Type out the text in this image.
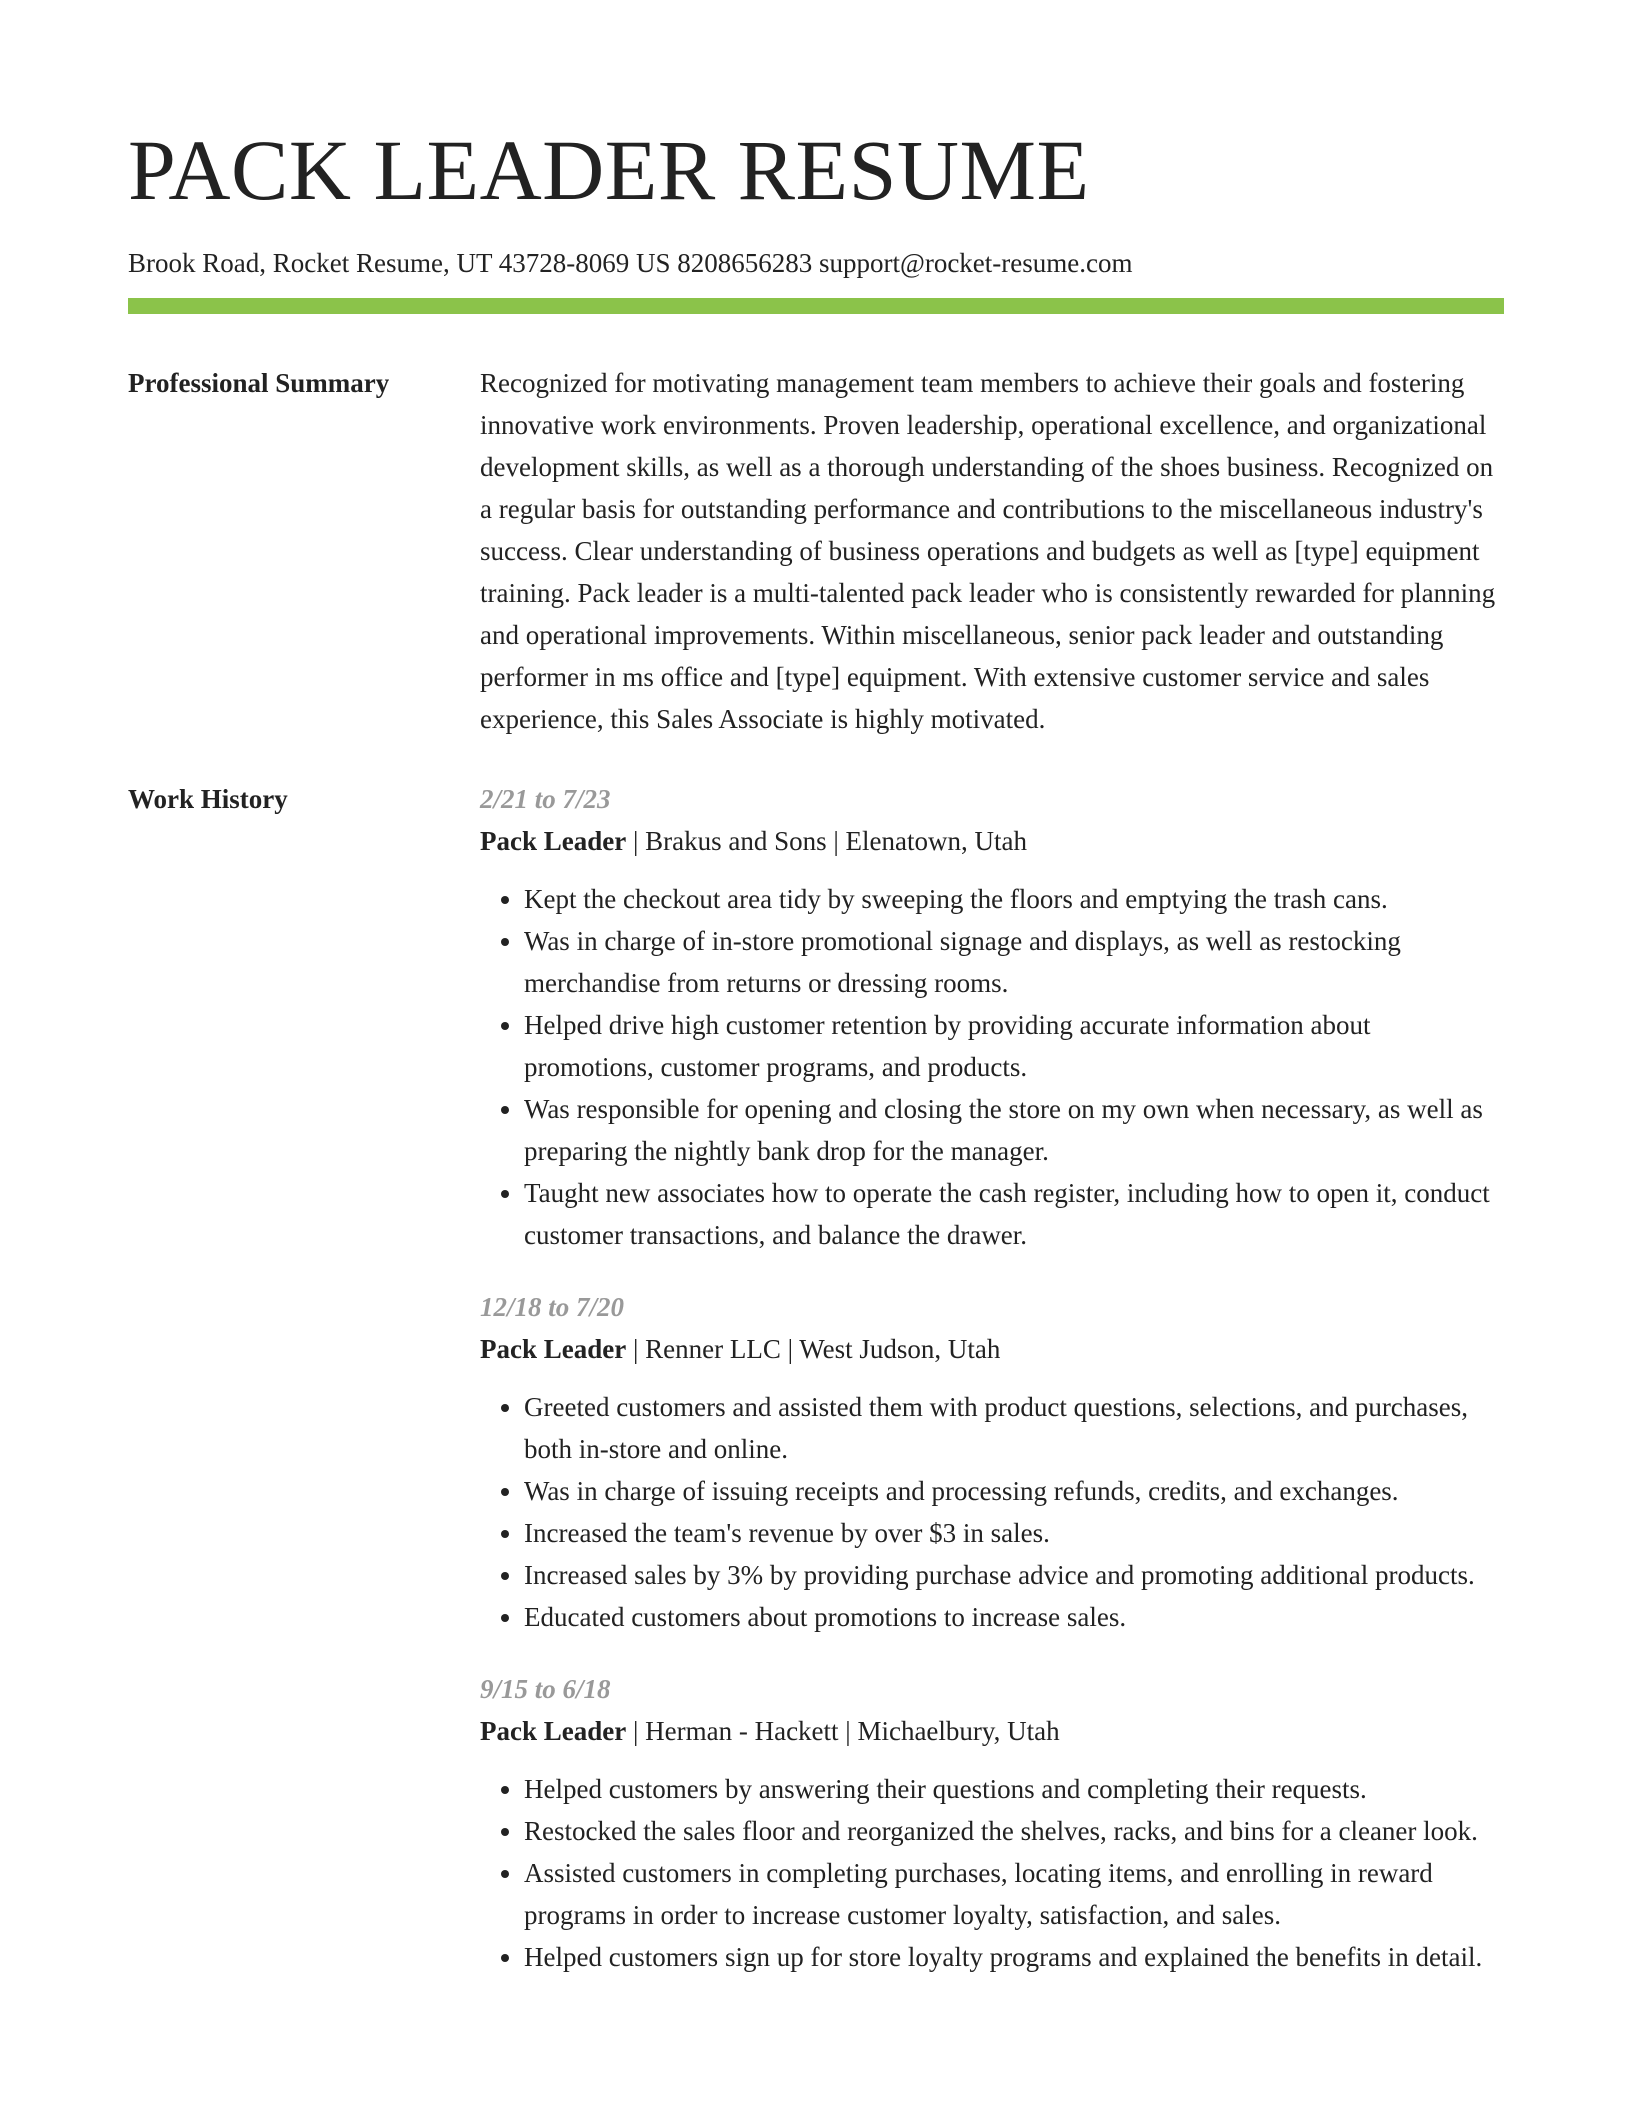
PACK LEADER RESUME
Brook Road, Rocket Resume, UT 43728-8069 US 8208656283 support@rocket-resume.com
Professional Summary	Recognized for motivating management team members to achieve their goals and fostering innovative work environments. Proven leadership, operational excellence, and organizational development skills, as well as a thorough understanding of the shoes business. Recognized on a regular basis for outstanding performance and contributions to the miscellaneous industry's success. Clear understanding of business operations and budgets as well as [type] equipment training. Pack leader is a multi-talented pack leader who is consistently rewarded for planning and operational improvements. Within miscellaneous, senior pack leader and outstanding performer in ms office and [type] equipment. With extensive customer service and sales experience, this Sales Associate is highly motivated.

Work History	2/21 to 7/23
Pack Leader | Brakus and Sons | Elenatown, Utah
• Kept the checkout area tidy by sweeping the floors and emptying the trash cans.
• Was in charge of in-store promotional signage and displays, as well as restocking merchandise from returns or dressing rooms.
• Helped drive high customer retention by providing accurate information about promotions, customer programs, and products.
• Was responsible for opening and closing the store on my own when necessary, as well as preparing the nightly bank drop for the manager.
• Taught new associates how to operate the cash register, including how to open it, conduct customer transactions, and balance the drawer.
12/18 to 7/20
Pack Leader | Renner LLC | West Judson, Utah
• Greeted customers and assisted them with product questions, selections, and purchases, both in-store and online.
• Was in charge of issuing receipts and processing refunds, credits, and exchanges.
• Increased the team's revenue by over $3 in sales.
• Increased sales by 3% by providing purchase advice and promoting additional products.
• Educated customers about promotions to increase sales.
9/15 to 6/18
Pack Leader | Herman - Hackett | Michaelbury, Utah
• Helped customers by answering their questions and completing their requests.
• Restocked the sales floor and reorganized the shelves, racks, and bins for a cleaner look.
• Assisted customers in completing purchases, locating items, and enrolling in reward programs in order to increase customer loyalty, satisfaction, and sales.
• Helped customers sign up for store loyalty programs and explained the benefits in detail.
